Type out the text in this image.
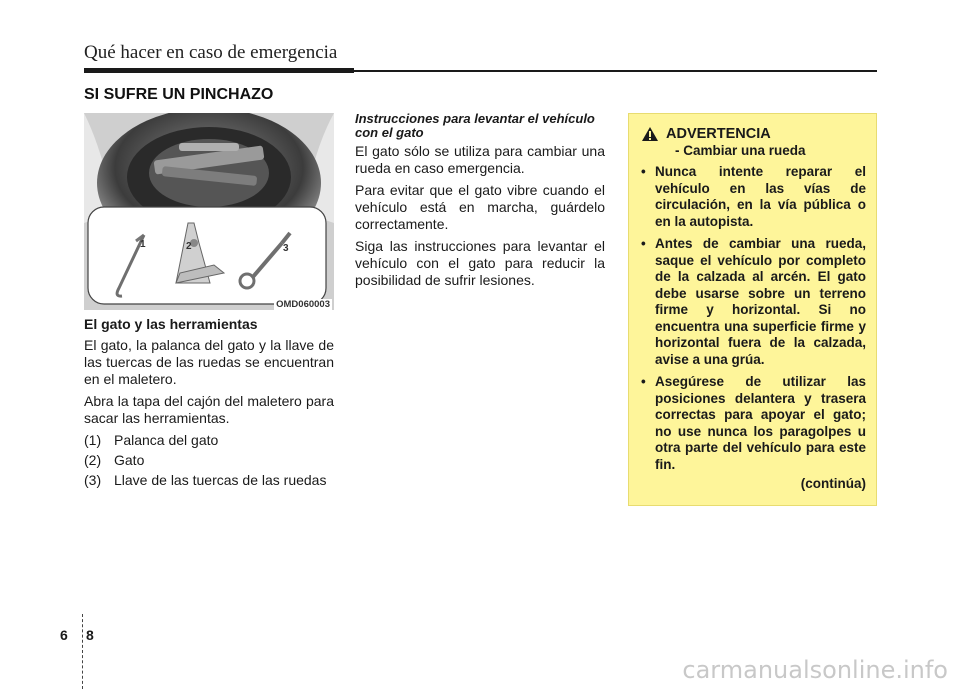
Qué hacer en caso de emergencia
SI SUFRE UN PINCHAZO
1	2	3
OMD060003
El gato y las herramientas

El gato, la palanca del gato y la llave de las tuercas de las ruedas se encuentran en el maletero.

Abra la tapa del cajón del maletero para sacar las herramientas.

(1) Palanca del gato
(2) Gato
(3) Llave de las tuercas de las ruedas
Instrucciones para levantar el vehículo con el gato

El gato sólo se utiliza para cambiar una rueda en caso emergencia.

Para evitar que el gato vibre cuando el vehículo está en marcha, guárdelo correctamente.

Siga las instrucciones para levantar el vehículo con el gato para reducir la posibilidad de sufrir lesiones.

ADVERTENCIA
- Cambiar una rueda
• Nunca intente reparar el vehículo en las vías de circulación, en la vía pública o en la autopista.
• Antes de cambiar una rueda, saque el vehículo por completo de la calzada al arcén. El gato debe usarse sobre un terreno firme y horizontal. Si no encuentra una superficie firme y horizontal fuera de la calzada, avise a una grúa.
• Asegúrese de utilizar las posiciones delantera y trasera correctas para apoyar el gato; no use nunca los paragolpes u otra parte del vehículo para este fin.
(continúa)
6 8
carmanualsonline.info
